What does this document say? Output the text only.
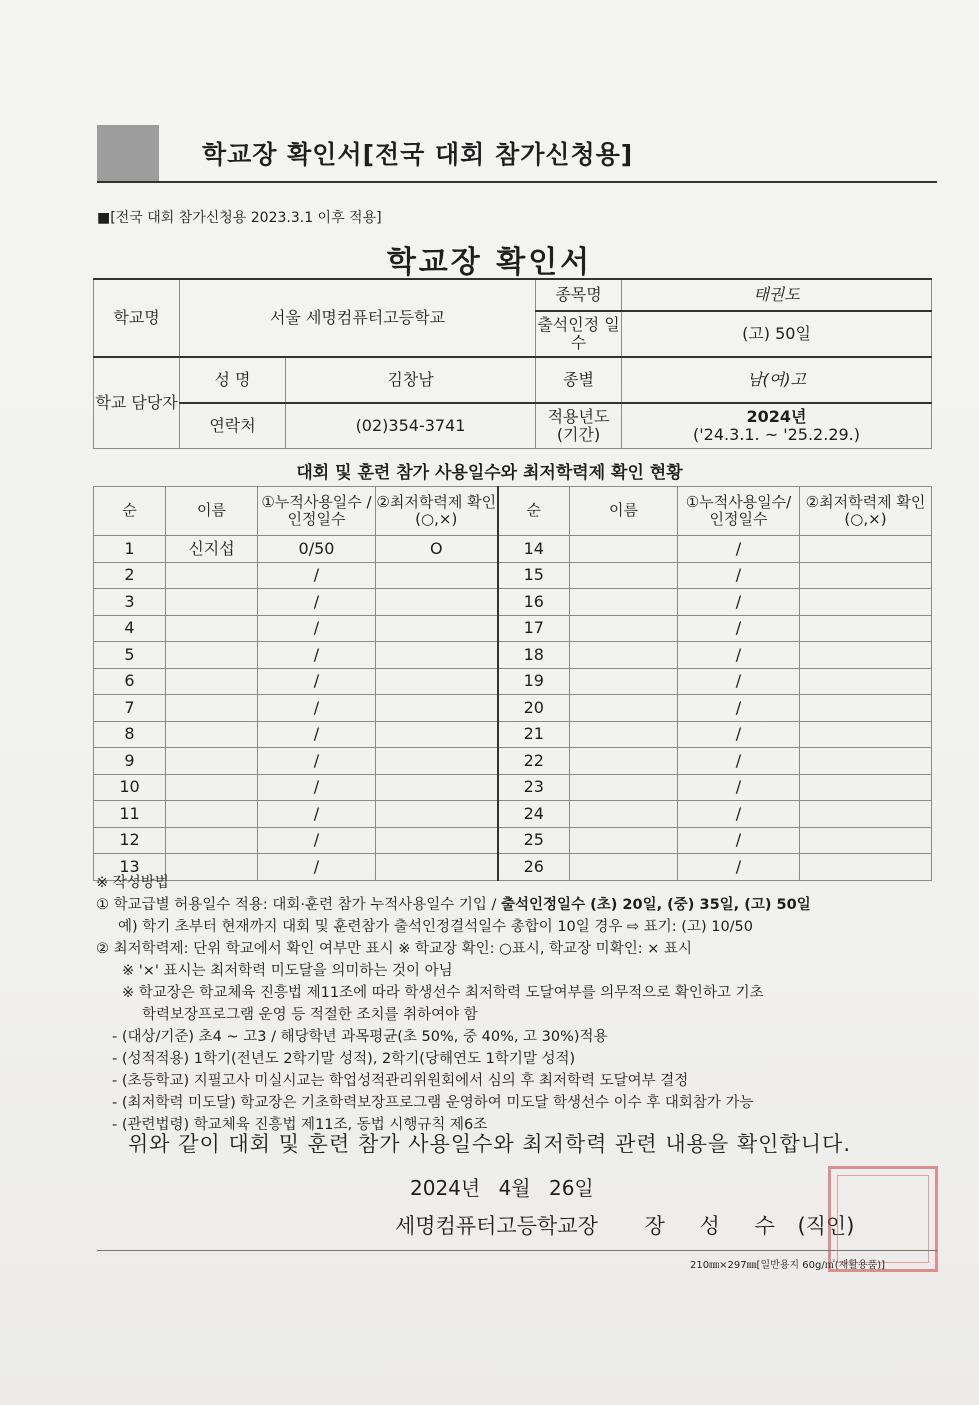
학교장 확인서[전국 대회 참가신청용]
■[전국 대회 참가신청용 2023.3.1 이후 적용]
학교장 확인서
학교명	서울 세명컴퓨터고등학교		종목명	태권도
			출석인정 일수	(고) 50일
학교 담당자	성 명	김창남	종별	남(여)고
	연락처	(02)354-3741	적용년도 (기간)	2024년
('24.3.1. ~ '25.2.29.)
대회 및 훈련 참가 사용일수와 최저학력제 확인 현황
순	이름	①누적사용일수 /인정일수	②최저학력제 확인(○,×)	순	이름	①누적사용일수/ 인정일수	②최저학력제 확인(○,×)
1	신지섭	0/50	O	14		/	
2		/		15		/	
3		/		16		/	
4		/		17		/	
5		/		18		/	
6		/		19		/	
7		/		20		/	
8		/		21		/	
9		/		22		/	
10		/		23		/	
11		/		24		/	
12		/		25		/	
13		/		26		/	
※ 작성방법
① 학교급별 허용일수 적용: 대회·훈련 참가 누적사용일수 기입 / 출석인정일수 (초) 20일, (중) 35일, (고) 50일
예) 학기 초부터 현재까지 대회 및 훈련참가 출석인정결석일수 총합이 10일 경우 ⇨ 표기: (고) 10/50
② 최저학력제: 단위 학교에서 확인 여부만 표시 ※ 학교장 확인: ○표시, 학교장 미확인: × 표시
※ '×' 표시는 최저학력 미도달을 의미하는 것이 아님
※ 학교장은 학교체육 진흥법 제11조에 따라 학생선수 최저학력 도달여부를 의무적으로 확인하고 기초
학력보장프로그램 운영 등 적절한 조치를 취하여야 함
- (대상/기준) 초4 ~ 고3 / 해당학년 과목평균(초 50%, 중 40%, 고 30%)적용
- (성적적용) 1학기(전년도 2학기말 성적), 2학기(당해연도 1학기말 성적)
- (초등학교) 지필고사 미실시교는 학업성적관리위원회에서 심의 후 최저학력 도달여부 결정
- (최저학력 미도달) 학교장은 기초학력보장프로그램 운영하여 미도달 학생선수 이수 후 대회참가 가능
- (관련법령) 학교체육 진흥법 제11조, 동법 시행규칙 제6조
위와 같이 대회 및 훈련 참가 사용일수와 최저학력 관련 내용을 확인합니다.
2024년 4월 26일
세명컴퓨터고등학교장 장 성 수 (직인)
210㎜×297㎜[일반용지 60g/㎡(재활용품)]
